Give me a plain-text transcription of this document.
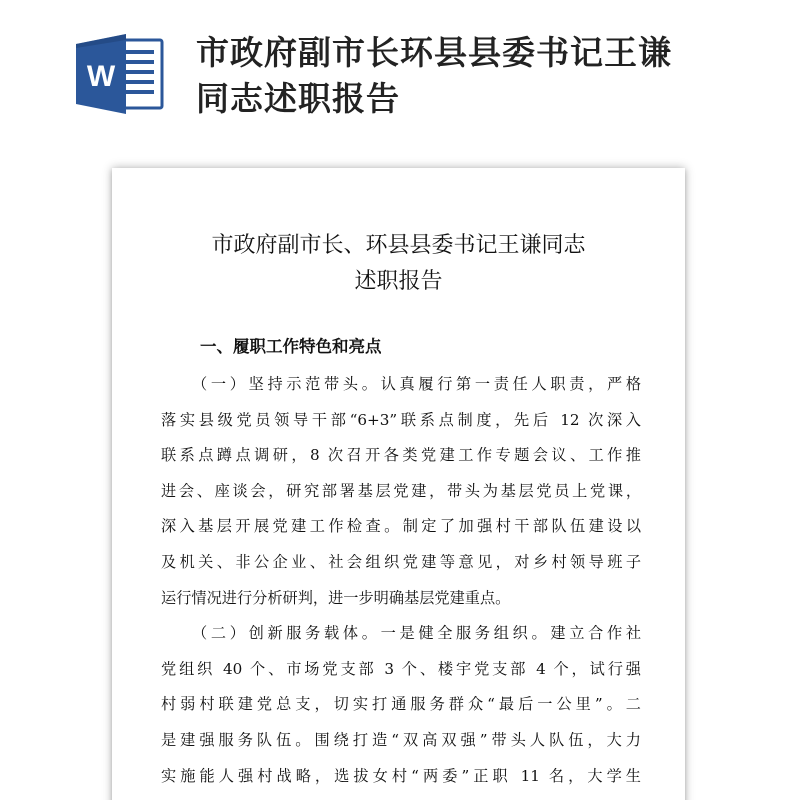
W
市政府副市长环县县委书记王谦
同志述职报告
市政府副市长、环县县委书记王谦同志
述职报告
一、履职工作特色和亮点
（一）坚持示范带头。认真履行第一责任人职责，严格
落实县级党员领导干部“6+3”联系点制度，先后 12 次深入
联系点蹲点调研，8 次召开各类党建工作专题会议、工作推
进会、座谈会，研究部署基层党建，带头为基层党员上党课，
深入基层开展党建工作检查。制定了加强村干部队伍建设以
及机关、非公企业、社会组织党建等意见，对乡村领导班子
运行情况进行分析研判，进一步明确基层党建重点。
（二）创新服务载体。一是健全服务组织。建立合作社
党组织 40 个、市场党支部 3 个、楼宇党支部 4 个，试行强
村弱村联建党总支，切实打通服务群众“最后一公里”。二
是建强服务队伍。围绕打造“双高双强”带头人队伍，大力
实施能人强村战略，选拔女村“两委”正职 11 名，大学生
